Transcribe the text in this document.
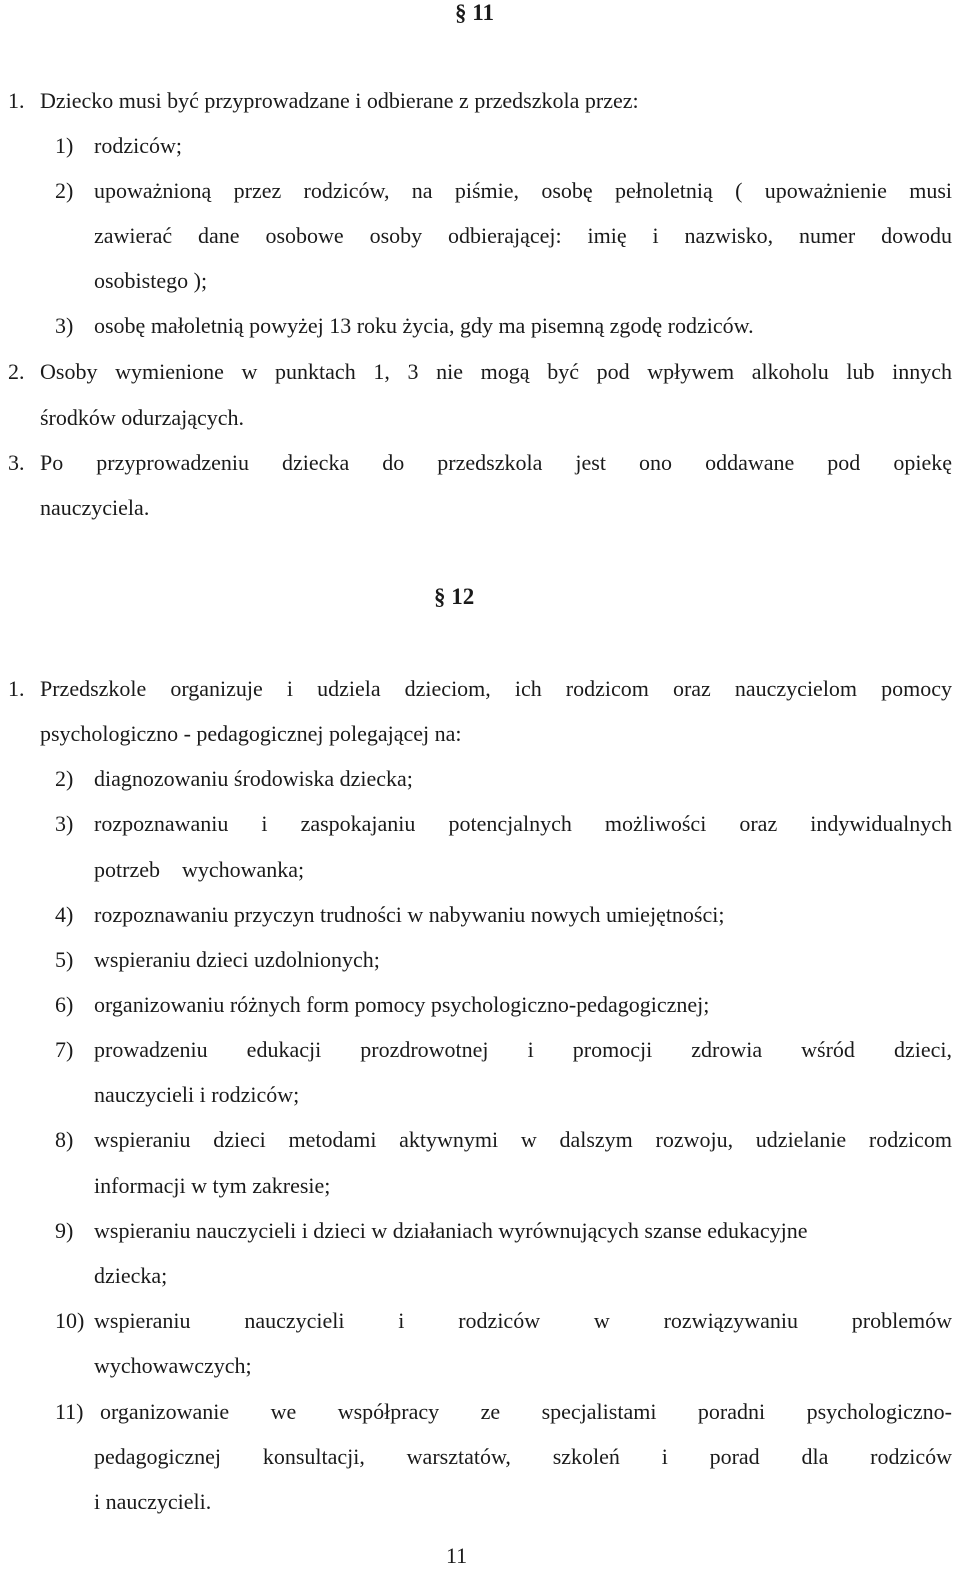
§ 11
1. Dziecko musi być przyprowadzane i odbierane z przedszkola przez:
1) rodziców;
2) upoważnioną przez rodziców, na piśmie, osobę pełnoletnią ( upoważnienie musi
zawierać dane osobowe osoby odbierającej: imię i nazwisko, numer dowodu
osobistego );
3) osobę małoletnią powyżej 13 roku życia, gdy ma pisemną zgodę rodziców.
2. Osoby wymienione w punktach 1, 3 nie mogą być pod wpływem alkoholu lub innych
środków odurzających.
3. Po przyprowadzeniu dziecka do przedszkola jest ono oddawane pod opiekę
nauczyciela.
§ 12
1. Przedszkole organizuje i udziela dzieciom, ich rodzicom oraz nauczycielom pomocy
psychologiczno - pedagogicznej polegającej na:
2) diagnozowaniu środowiska dziecka;
3) rozpoznawaniu i zaspokajaniu potencjalnych możliwości oraz indywidualnych
potrzeb    wychowanka;
4) rozpoznawaniu przyczyn trudności w nabywaniu nowych umiejętności;
5) wspieraniu dzieci uzdolnionych;
6) organizowaniu różnych form pomocy psychologiczno-pedagogicznej;
7) prowadzeniu edukacji prozdrowotnej i promocji zdrowia wśród dzieci,
nauczycieli i rodziców;
8) wspieraniu dzieci metodami aktywnymi w dalszym rozwoju, udzielanie rodzicom
informacji w tym zakresie;
9) wspieraniu nauczycieli i dzieci w działaniach wyrównujących szanse edukacyjne
dziecka;
10) wspieraniu nauczycieli i rodziców w rozwiązywaniu problemów
wychowawczych;
11) organizowanie we współpracy ze specjalistami poradni psychologiczno-
pedagogicznej konsultacji, warsztatów, szkoleń i porad dla rodziców
i nauczycieli.
11
